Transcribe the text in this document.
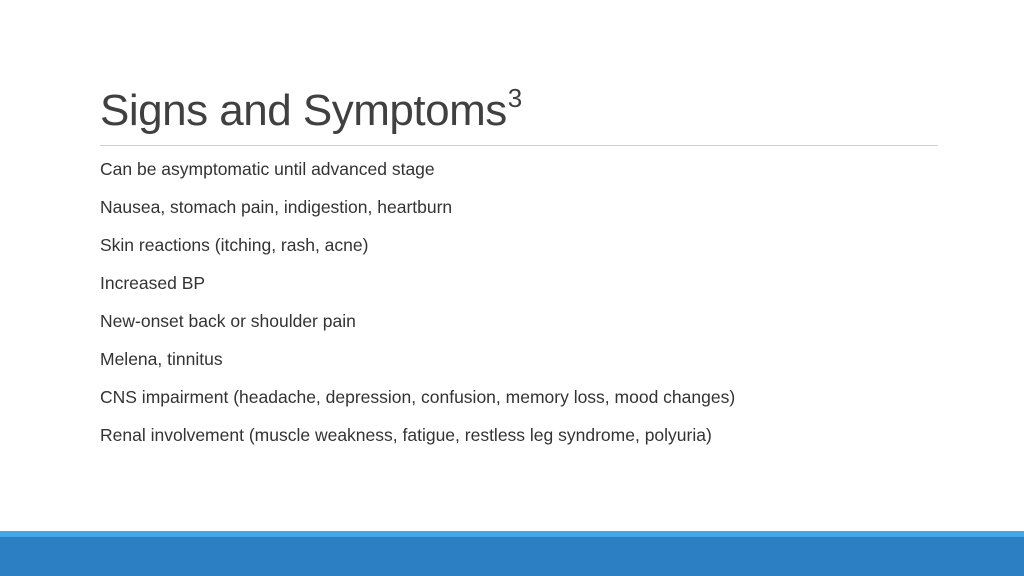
Signs and Symptoms$^3$
Can be asymptomatic until advanced stage
Nausea, stomach pain, indigestion, heartburn
Skin reactions (itching, rash, acne)
Increased BP
New-onset back or shoulder pain
Melena, tinnitus
CNS impairment (headache, depression, confusion, memory loss, mood changes)
Renal involvement (muscle weakness, fatigue, restless leg syndrome, polyuria)
